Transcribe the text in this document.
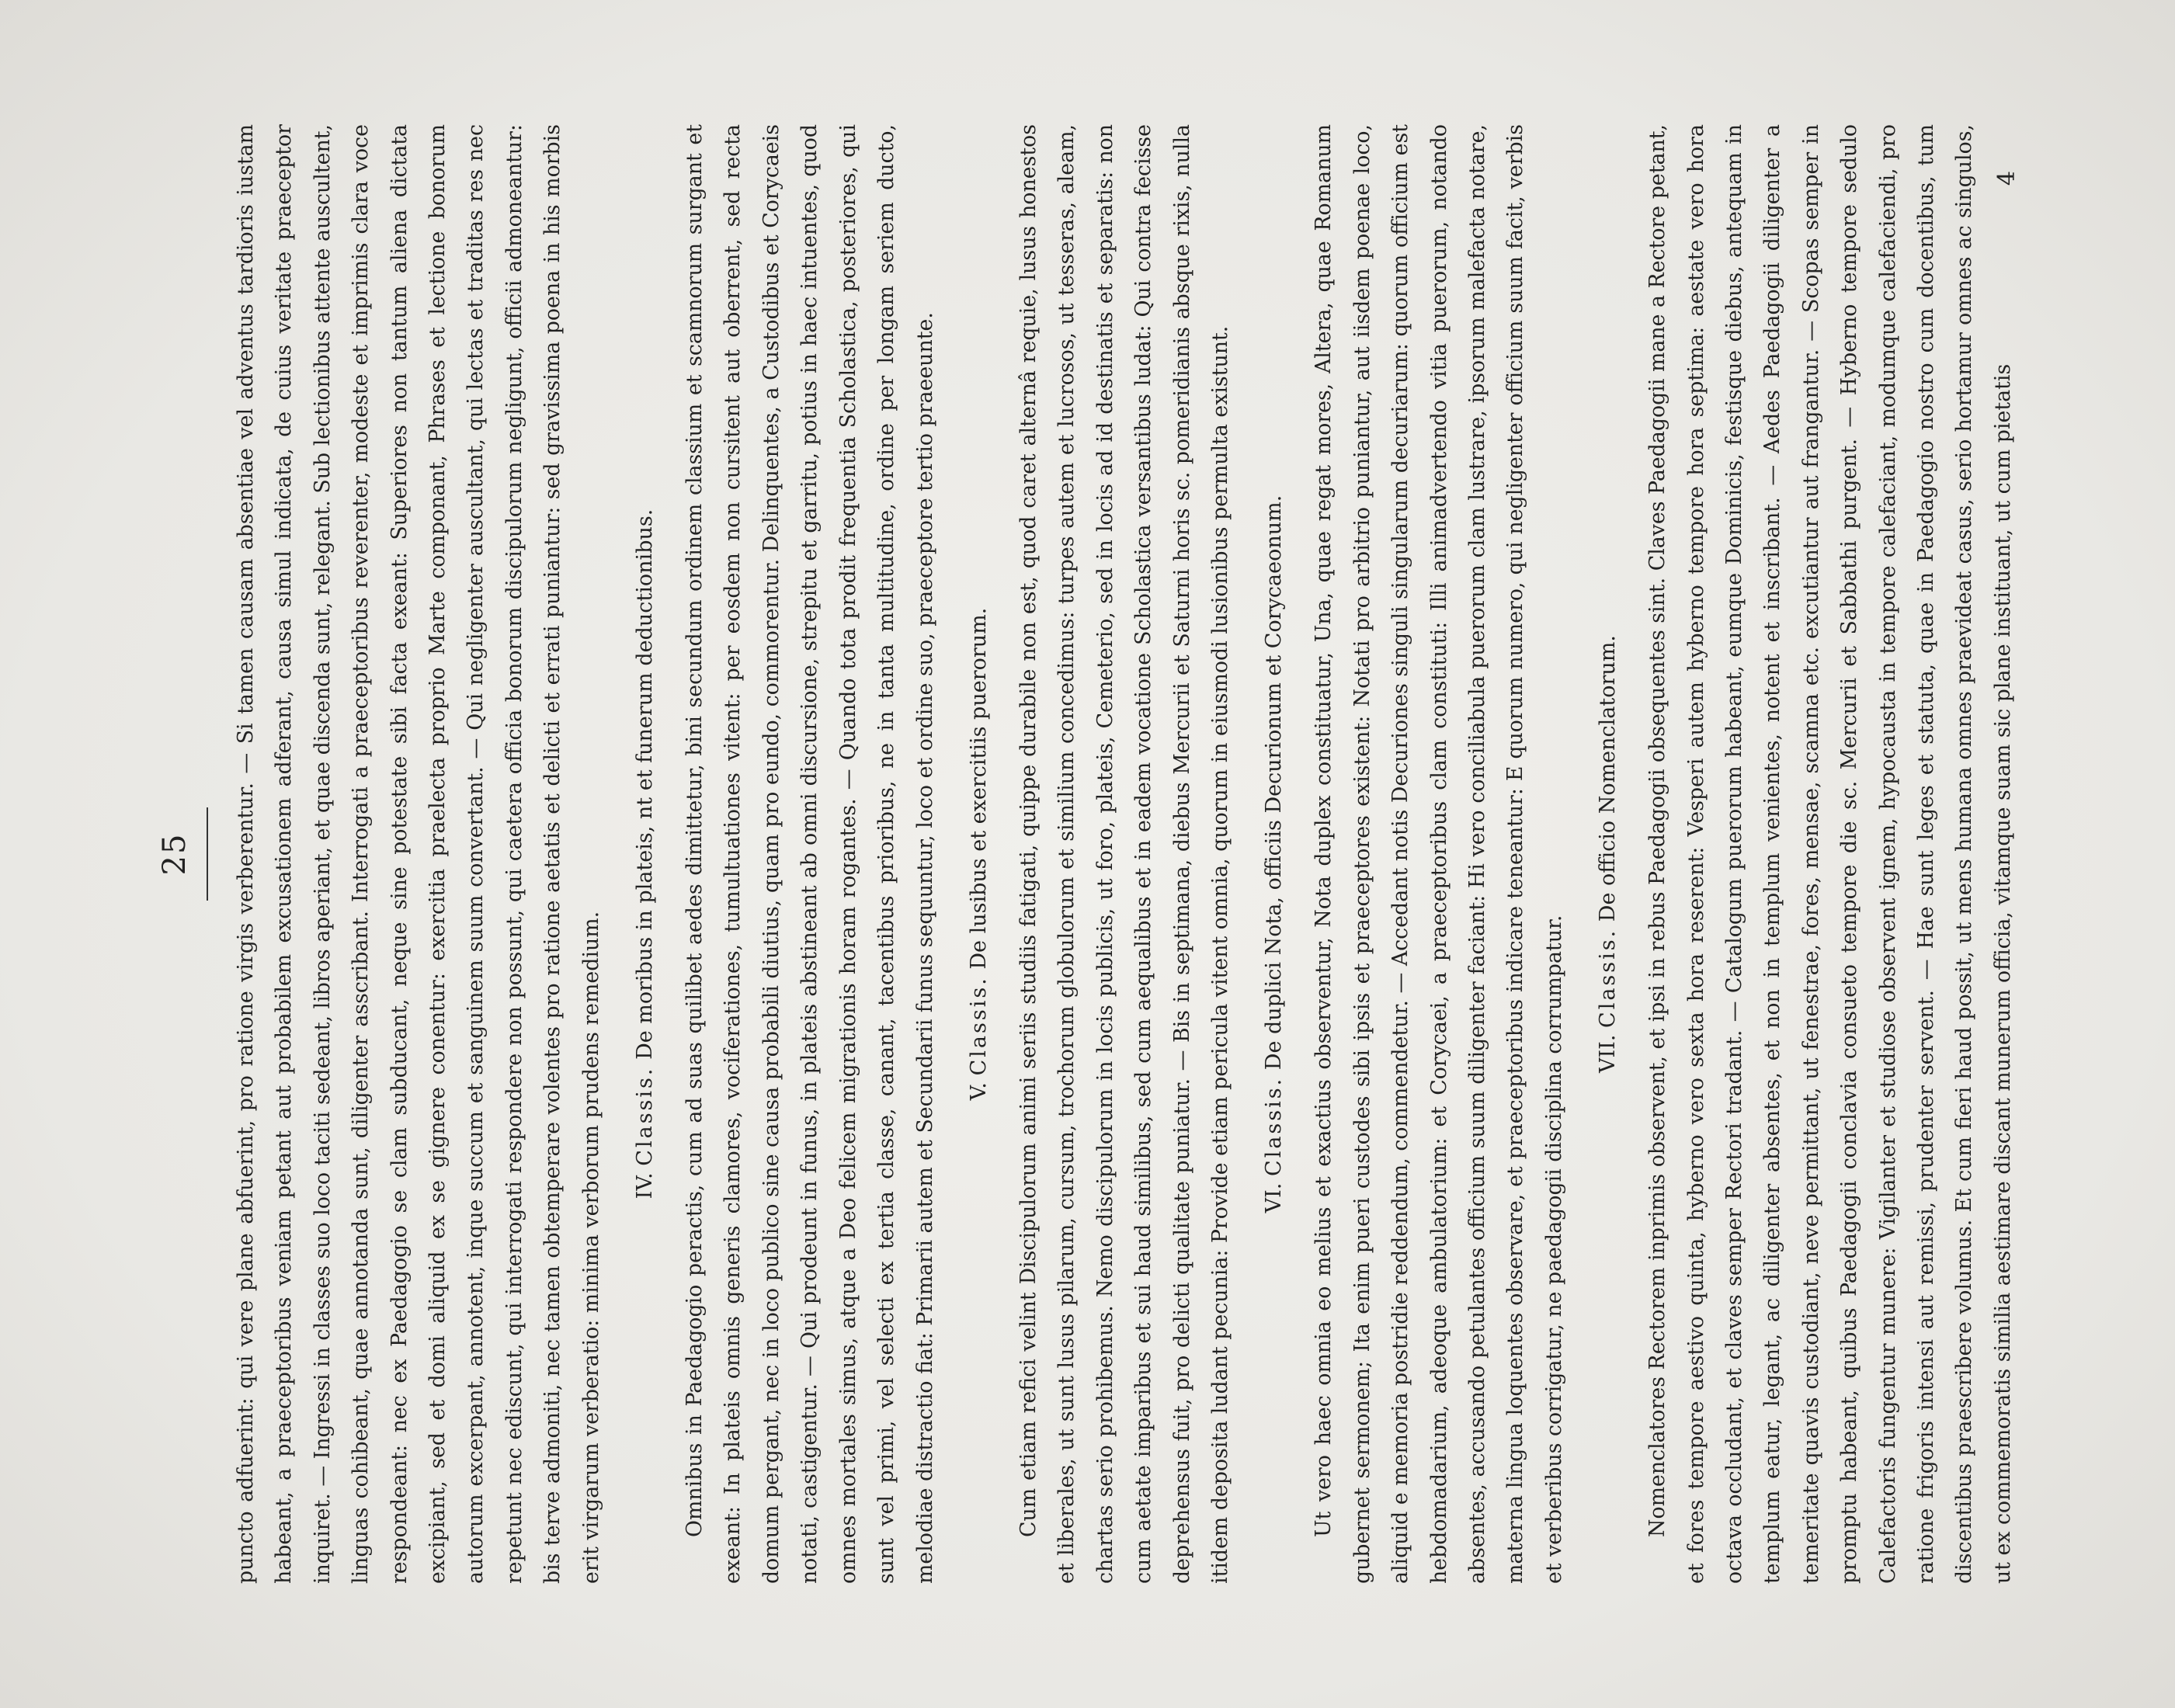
25	puncto adfuerint: qui vere plane abfuerint, pro ratione virgis verberentur. — Si tamen causam absentiae vel adventus tardioris iustam habeant, a praeceptoribus veniam petant aut probabilem excusationem adferant, causa simul indicata, de cuius veritate praeceptor inquiret. — Ingressi in classes suo loco taciti sedeant, libros aperiant, et quae discenda sunt, relegant. Sub lectionibus attente auscultent, linguas cohibeant, quae annotanda sunt, diligenter asscribant. Interrogati a praeceptoribus reverenter, modeste et imprimis clara voce respondeant: nec ex Paedagogio se clam subducant, neque sine potestate sibi facta exeant: Superiores non tantum aliena dictata excipiant, sed et domi aliquid ex se gignere conentur: exercitia praelecta proprio Marte componant, Phrases et lectione bonorum autorum excerpant, annotent, inque succum et sanguinem suum convertant. — Qui negligenter auscultant, qui lectas et traditas res nec repetunt nec ediscunt, qui interrogati respondere non possunt, qui caetera officia bonorum discipulorum negligunt, officii admoneantur: bis terve admoniti, nec tamen obtemperare volentes pro ratione aetatis et delicti et errati puniantur: sed gravissima poena in his morbis erit virgarum verberatio: minima verborum prudens remedium.	IV. Classis. De moribus in plateis, nt et funerum deductionibus.	Omnibus in Paedagogio peractis, cum ad suas quilibet aedes dimittetur, bini secundum ordinem classium et scamnorum surgant et exeant: In plateis omnis generis clamores, vociferationes, tumultuationes vitent: per eosdem non cursitent aut oberrent, sed recta domum pergant, nec in loco publico sine causa probabili diutius, quam pro eundo, commorentur. Delinquentes, a Custodibus et Corycaeis notati, castigentur. — Qui prodeunt in funus, in plateis abstineant ab omni discursione, strepitu et garritu, potius in haec intuentes, quod omnes mortales simus, atque a Deo felicem migrationis horam rogantes. — Quando tota prodit frequentia Scholastica, posteriores, qui sunt vel primi, vel selecti ex tertia classe, canant, tacentibus prioribus, ne in tanta multitudine, ordine per longam seriem ducto, melodiae distractio fiat: Primarii autem et Secundarii funus sequuntur, loco et ordine suo, praeceptore tertio praeeunte.	V. Classis. De lusibus et exercitiis puerorum.	Cum etiam refici velint Discipulorum animi seriis studiis fatigati, quippe durabile non est, quod caret alternâ requie, lusus honestos et liberales, ut sunt lusus pilarum, cursum, trochorum globulorum et similium concedimus: turpes autem et lucrosos, ut tesseras, aleam, chartas serio prohibemus. Nemo discipulorum in locis publicis, ut foro, plateis, Cemeterio, sed in locis ad id destinatis et separatis: non cum aetate imparibus et sui haud similibus, sed cum aequalibus et in eadem vocatione Scholastica versantibus ludat: Qui contra fecisse deprehensus fuit, pro delicti qualitate puniatur. — Bis in septimana, diebus Mercurii et Saturni horis sc. pomeridianis absque rixis, nulla itidem deposita ludant pecunia: Provide etiam pericula vitent omnia, quorum in eiusmodi lusionibus permulta existunt.	VI. Classis. De duplici Nota, officiis Decurionum et Corycaeonum.	Ut vero haec omnia eo melius et exactius observentur, Nota duplex constituatur, Una, quae regat mores, Altera, quae Romanum gubernet sermonem; Ita enim pueri custodes sibi ipsis et praeceptores existent: Notati pro arbitrio puniantur, aut iisdem poenae loco, aliquid e memoria postridie reddendum, commendetur. — Accedant notis Decuriones singuli singularum decuriarum: quorum officium est hebdomadarium, adeoque ambulatorium: et Corycaei, a praeceptoribus clam constituti: Illi animadvertendo vitia puerorum, notando absentes, accusando petulantes officium suum diligenter faciant: Hi vero conciliabula puerorum clam lustrare, ipsorum malefacta notare, materna lingua loquentes observare, et praeceptoribus indicare teneantur: E quorum numero, qui negligenter officium suum facit, verbis et verberibus corrigatur, ne paedagogii disciplina corrumpatur.	VII. Classis. De officio Nomenclatorum.	Nomenclatores Rectorem inprimis observent, et ipsi in rebus Paedagogii obsequentes sint. Claves Paedagogii mane a Rectore petant, et fores tempore aestivo quinta, hyberno vero sexta hora reserent: Vesperi autem hyberno tempore hora septima: aestate vero hora octava occludant, et claves semper Rectori tradant. — Catalogum puerorum habeant, eumque Dominicis, festisque diebus, antequam in templum eatur, legant, ac diligenter absentes, et non in templum venientes, notent et inscribant. — Aedes Paedagogii diligenter a temeritate quavis custodiant, neve permittant, ut fenestrae, fores, mensae, scamna etc. excutiantur aut frangantur. — Scopas semper in promptu habeant, quibus Paedagogii conclavia consueto tempore die sc. Mercurii et Sabbathi purgent. — Hyberno tempore sedulo Calefactoris fungentur munere: Vigilanter et studiose observent ignem, hypocausta in tempore calefaciant, modumque calefaciendi, pro ratione frigoris intensi aut remissi, prudenter servent. — Hae sunt leges et statuta, quae in Paedagogio nostro cum docentibus, tum discentibus praescribere volumus. Et cum fieri haud possit, ut mens humana omnes praevideat casus, serio hortamur omnes ac singulos, ut ex commemoratis similia aestimare discant munerum officia, vitamque suam sic plane instituant, ut cum pietatis

4
